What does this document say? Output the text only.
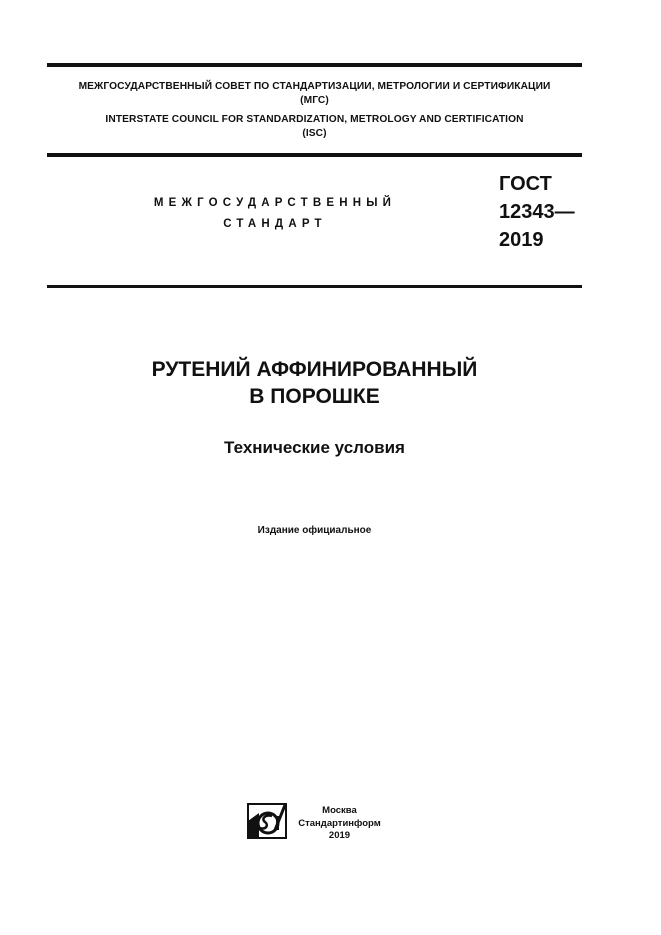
МЕЖГОСУДАРСТВЕННЫЙ СОВЕТ ПО СТАНДАРТИЗАЦИИ, МЕТРОЛОГИИ И СЕРТИФИКАЦИИ
(МГС)
INTERSTATE COUNCIL FOR STANDARDIZATION, METROLOGY AND CERTIFICATION
(ISC)
МЕЖГОСУДАРСТВЕННЫЙ
СТАНДАРТ
ГОСТ
12343—
2019
РУТЕНИЙ АФФИНИРОВАННЫЙ
В ПОРОШКЕ
Технические условия
Издание официальное
Москва
Стандартинформ
2019
